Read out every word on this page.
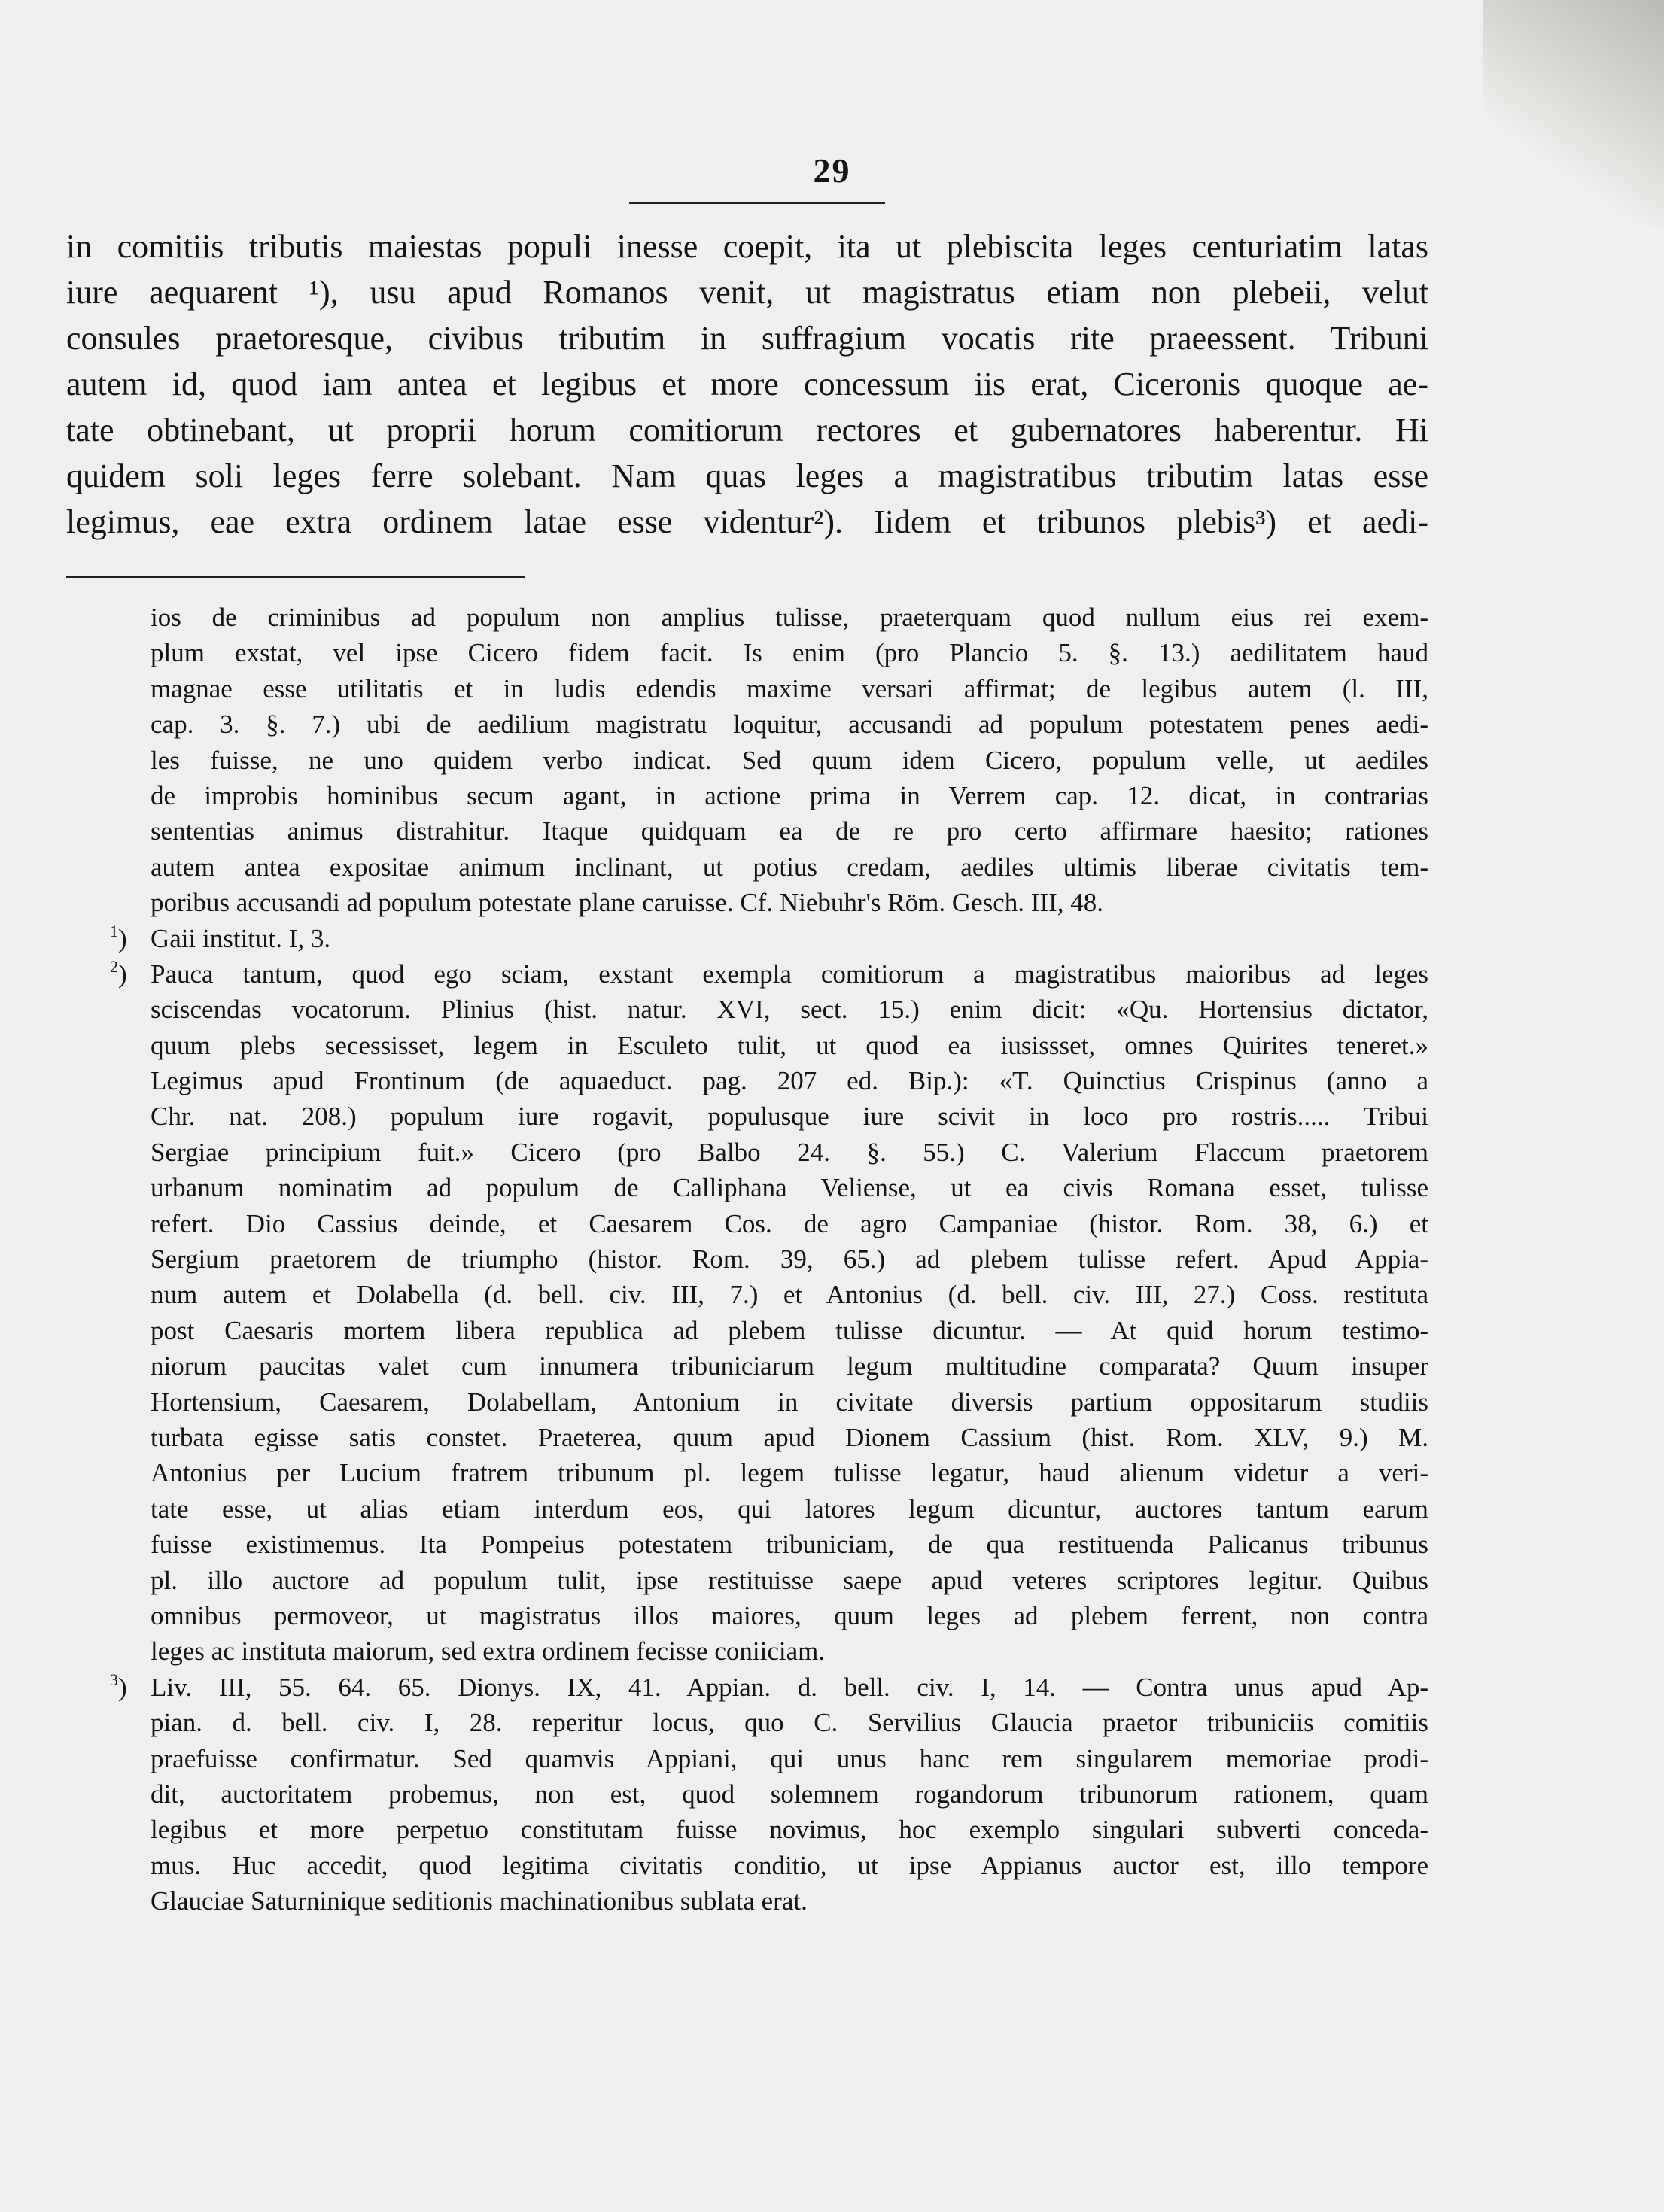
29
in comitiis tributis maiestas populi inesse coepit, ita ut plebiscita leges centuriatim latas
iure aequarent ¹), usu apud Romanos venit, ut magistratus etiam non plebeii, velut
consules praetoresque, civibus tributim in suffragium vocatis rite praeessent. Tribuni
autem id, quod iam antea et legibus et more concessum iis erat, Ciceronis quoque ae-
tate obtinebant, ut proprii horum comitiorum rectores et gubernatores haberentur. Hi
quidem soli leges ferre solebant. Nam quas leges a magistratibus tributim latas esse
legimus, eae extra ordinem latae esse videntur²). Iidem et tribunos plebis³) et aedi-
ios de criminibus ad populum non amplius tulisse, praeterquam quod nullum eius rei exem-
plum exstat, vel ipse Cicero fidem facit. Is enim (pro Plancio 5. §. 13.) aedilitatem haud
magnae esse utilitatis et in ludis edendis maxime versari affirmat; de legibus autem (l. III,
cap. 3. §. 7.) ubi de aedilium magistratu loquitur, accusandi ad populum potestatem penes aedi-
les fuisse, ne uno quidem verbo indicat. Sed quum idem Cicero, populum velle, ut aediles
de improbis hominibus secum agant, in actione prima in Verrem cap. 12. dicat, in contrarias
sententias animus distrahitur. Itaque quidquam ea de re pro certo affirmare haesito; rationes
autem antea expositae animum inclinant, ut potius credam, aediles ultimis liberae civitatis tem-
poribus accusandi ad populum potestate plane caruisse. Cf. Niebuhr's Röm. Gesch. III, 48.
$^1$) Gaii institut. I, 3.
$^2$) Pauca tantum, quod ego sciam, exstant exempla comitiorum a magistratibus maioribus ad leges
sciscendas vocatorum. Plinius (hist. natur. XVI, sect. 15.) enim dicit: «Qu. Hortensius dictator,
quum plebs secessisset, legem in Esculeto tulit, ut quod ea iusissset, omnes Quirites teneret.»
Legimus apud Frontinum (de aquaeduct. pag. 207 ed. Bip.): «T. Quinctius Crispinus (anno a
Chr. nat. 208.) populum iure rogavit, populusque iure scivit in loco pro rostris..... Tribui
Sergiae principium fuit.» Cicero (pro Balbo 24. §. 55.) C. Valerium Flaccum praetorem
urbanum nominatim ad populum de Calliphana Veliense, ut ea civis Romana esset, tulisse
refert. Dio Cassius deinde, et Caesarem Cos. de agro Campaniae (histor. Rom. 38, 6.) et
Sergium praetorem de triumpho (histor. Rom. 39, 65.) ad plebem tulisse refert. Apud Appia-
num autem et Dolabella (d. bell. civ. III, 7.) et Antonius (d. bell. civ. III, 27.) Coss. restituta
post Caesaris mortem libera republica ad plebem tulisse dicuntur. — At quid horum testimo-
niorum paucitas valet cum innumera tribuniciarum legum multitudine comparata? Quum insuper
Hortensium, Caesarem, Dolabellam, Antonium in civitate diversis partium oppositarum studiis
turbata egisse satis constet. Praeterea, quum apud Dionem Cassium (hist. Rom. XLV, 9.) M.
Antonius per Lucium fratrem tribunum pl. legem tulisse legatur, haud alienum videtur a veri-
tate esse, ut alias etiam interdum eos, qui latores legum dicuntur, auctores tantum earum
fuisse existimemus. Ita Pompeius potestatem tribuniciam, de qua restituenda Palicanus tribunus
pl. illo auctore ad populum tulit, ipse restituisse saepe apud veteres scriptores legitur. Quibus
omnibus permoveor, ut magistratus illos maiores, quum leges ad plebem ferrent, non contra
leges ac instituta maiorum, sed extra ordinem fecisse coniiciam.
$^3$) Liv. III, 55. 64. 65. Dionys. IX, 41. Appian. d. bell. civ. I, 14. — Contra unus apud Ap-
pian. d. bell. civ. I, 28. reperitur locus, quo C. Servilius Glaucia praetor tribuniciis comitiis
praefuisse confirmatur. Sed quamvis Appiani, qui unus hanc rem singularem memoriae prodi-
dit, auctoritatem probemus, non est, quod solemnem rogandorum tribunorum rationem, quam
legibus et more perpetuo constitutam fuisse novimus, hoc exemplo singulari subverti conceda-
mus. Huc accedit, quod legitima civitatis conditio, ut ipse Appianus auctor est, illo tempore
Glauciae Saturninique seditionis machinationibus sublata erat.
